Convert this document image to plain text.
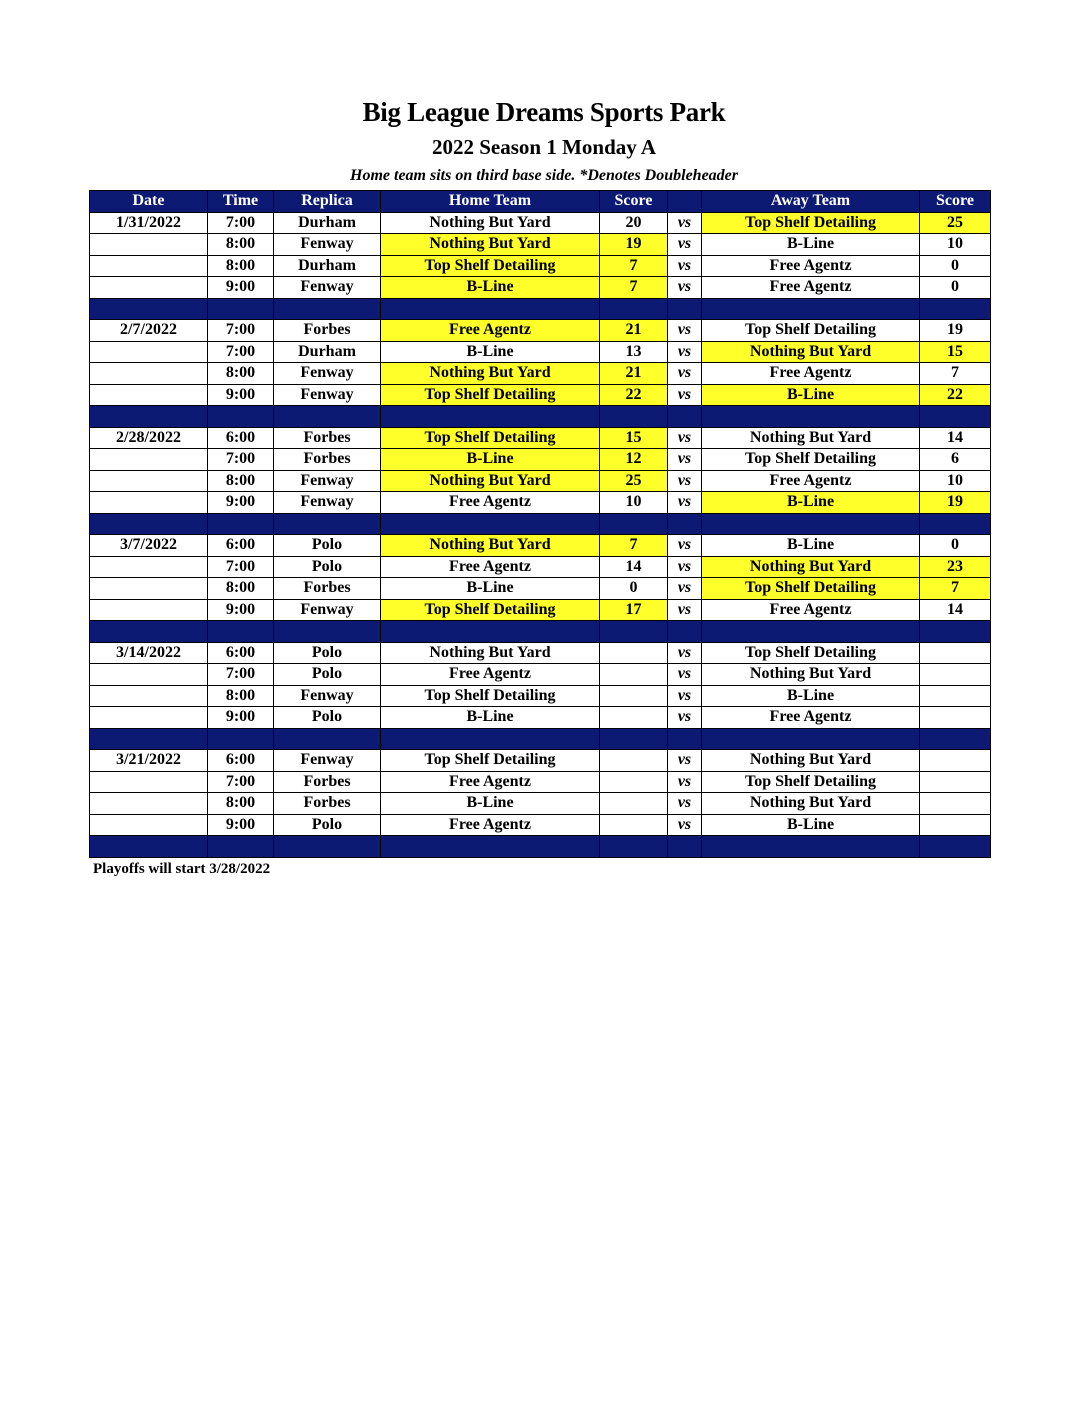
Big League Dreams Sports Park
2022 Season 1 Monday A
Home team sits on third base side. *Denotes Doubleheader
Date	Time	Replica	Home Team	Score		Away Team	Score
1/31/2022	7:00	Durham	Nothing But Yard	20	vs	Top Shelf Detailing	25
	8:00	Fenway	Nothing But Yard	19	vs	B-Line	10
	8:00	Durham	Top Shelf Detailing	7	vs	Free Agentz	0
	9:00	Fenway	B-Line	7	vs	Free Agentz	0

2/7/2022	7:00	Forbes	Free Agentz	21	vs	Top Shelf Detailing	19
	7:00	Durham	B-Line	13	vs	Nothing But Yard	15
	8:00	Fenway	Nothing But Yard	21	vs	Free Agentz	7
	9:00	Fenway	Top Shelf Detailing	22	vs	B-Line	22

2/28/2022	6:00	Forbes	Top Shelf Detailing	15	vs	Nothing But Yard	14
	7:00	Forbes	B-Line	12	vs	Top Shelf Detailing	6
	8:00	Fenway	Nothing But Yard	25	vs	Free Agentz	10
	9:00	Fenway	Free Agentz	10	vs	B-Line	19

3/7/2022	6:00	Polo	Nothing But Yard	7	vs	B-Line	0
	7:00	Polo	Free Agentz	14	vs	Nothing But Yard	23
	8:00	Forbes	B-Line	0	vs	Top Shelf Detailing	7
	9:00	Fenway	Top Shelf Detailing	17	vs	Free Agentz	14

3/14/2022	6:00	Polo	Nothing But Yard		vs	Top Shelf Detailing	
	7:00	Polo	Free Agentz		vs	Nothing But Yard	
	8:00	Fenway	Top Shelf Detailing		vs	B-Line	
	9:00	Polo	B-Line		vs	Free Agentz	

3/21/2022	6:00	Fenway	Top Shelf Detailing		vs	Nothing But Yard	
	7:00	Forbes	Free Agentz		vs	Top Shelf Detailing	
	8:00	Forbes	B-Line		vs	Nothing But Yard	
	9:00	Polo	Free Agentz		vs	B-Line	

Playoffs will start 3/28/2022
